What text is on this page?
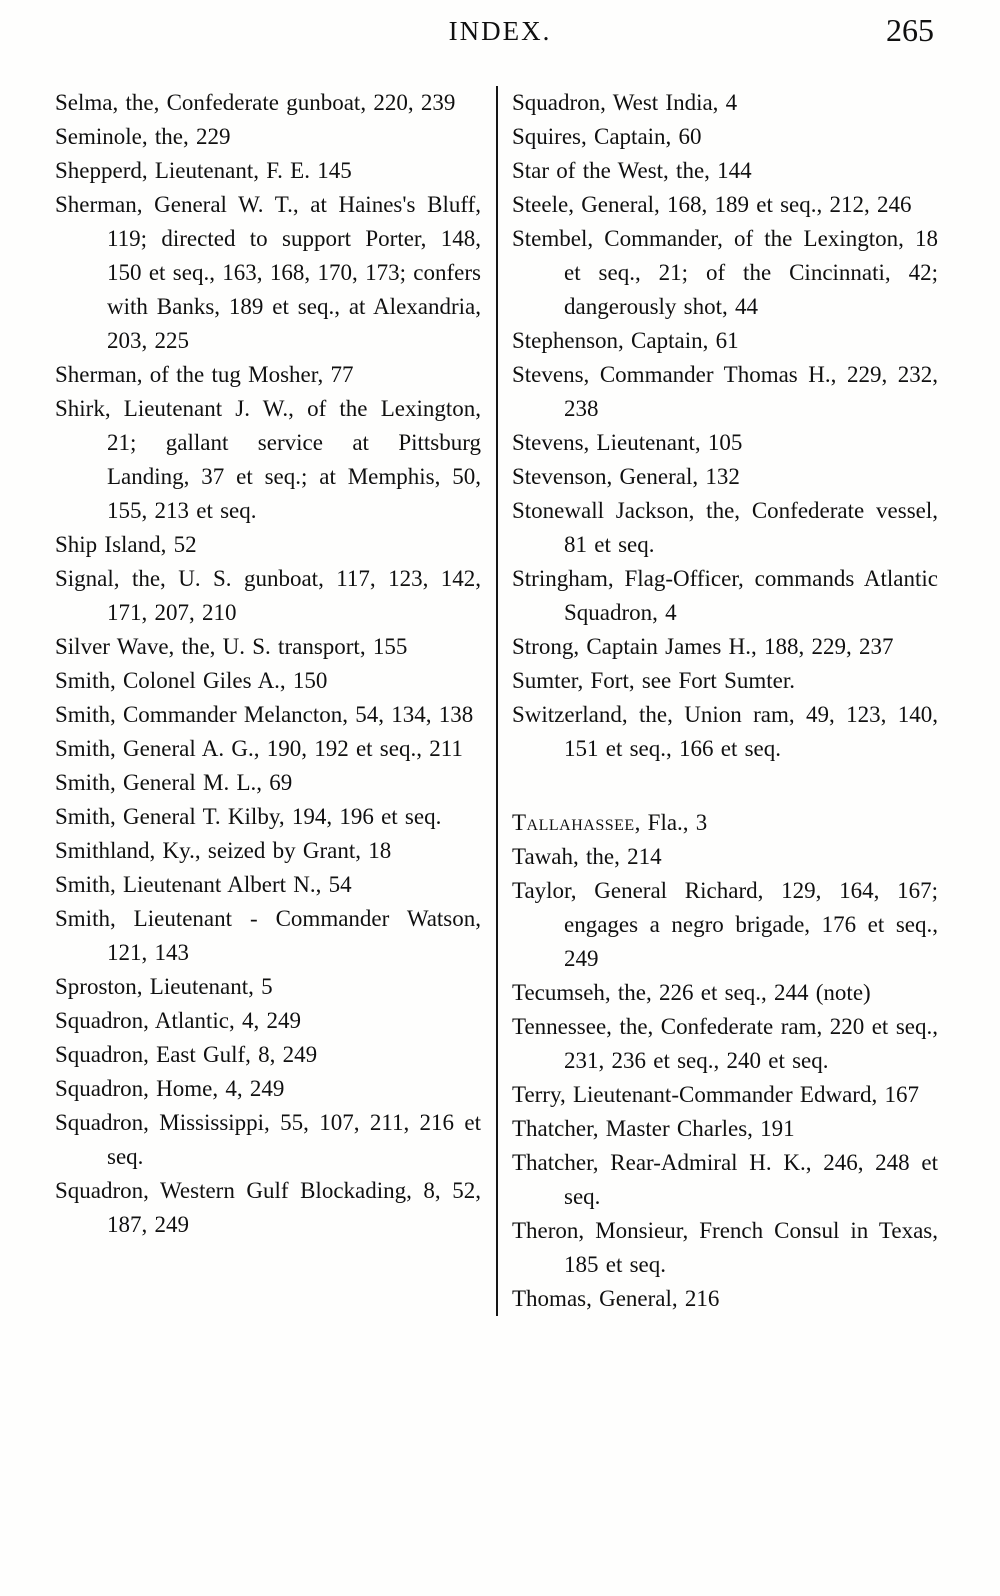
INDEX.	265

Selma, the, Confederate gunboat, 220, 239

Seminole, the, 229

Shepperd, Lieutenant, F. E. 145

Sherman, General W. T., at Haines's Bluff, 119; directed to support Porter, 148, 150 et seq., 163, 168, 170, 173; confers with Banks, 189 et seq., at Alexandria, 203, 225

Sherman, of the tug Mosher, 77

Shirk, Lieutenant J. W., of the Lexington, 21; gallant service at Pittsburg Landing, 37 et seq.; at Memphis, 50, 155, 213 et seq.

Ship Island, 52

Signal, the, U. S. gunboat, 117, 123, 142, 171, 207, 210

Silver Wave, the, U. S. transport, 155

Smith, Colonel Giles A., 150

Smith, Commander Melancton, 54, 134, 138

Smith, General A. G., 190, 192 et seq., 211

Smith, General M. L., 69

Smith, General T. Kilby, 194, 196 et seq.

Smithland, Ky., seized by Grant, 18

Smith, Lieutenant Albert N., 54

Smith, Lieutenant - Commander Watson, 121, 143

Sproston, Lieutenant, 5

Squadron, Atlantic, 4, 249

Squadron, East Gulf, 8, 249

Squadron, Home, 4, 249

Squadron, Mississippi, 55, 107, 211, 216 et seq.

Squadron, Western Gulf Blockading, 8, 52, 187, 249

Squadron, West India, 4

Squires, Captain, 60

Star of the West, the, 144

Steele, General, 168, 189 et seq., 212, 246

Stembel, Commander, of the Lexington, 18 et seq., 21; of the Cincinnati, 42; dangerously shot, 44

Stephenson, Captain, 61

Stevens, Commander Thomas H., 229, 232, 238

Stevens, Lieutenant, 105

Stevenson, General, 132

Stonewall Jackson, the, Confederate vessel, 81 et seq.

Stringham, Flag-Officer, commands Atlantic Squadron, 4

Strong, Captain James H., 188, 229, 237

Sumter, Fort, see Fort Sumter.

Switzerland, the, Union ram, 49, 123, 140, 151 et seq., 166 et seq.

Tallahassee, Fla., 3

Tawah, the, 214

Taylor, General Richard, 129, 164, 167; engages a negro brigade, 176 et seq., 249

Tecumseh, the, 226 et seq., 244 (note)

Tennessee, the, Confederate ram, 220 et seq., 231, 236 et seq., 240 et seq.

Terry, Lieutenant-Commander Edward, 167

Thatcher, Master Charles, 191

Thatcher, Rear-Admiral H. K., 246, 248 et seq.

Theron, Monsieur, French Consul in Texas, 185 et seq.

Thomas, General, 216
